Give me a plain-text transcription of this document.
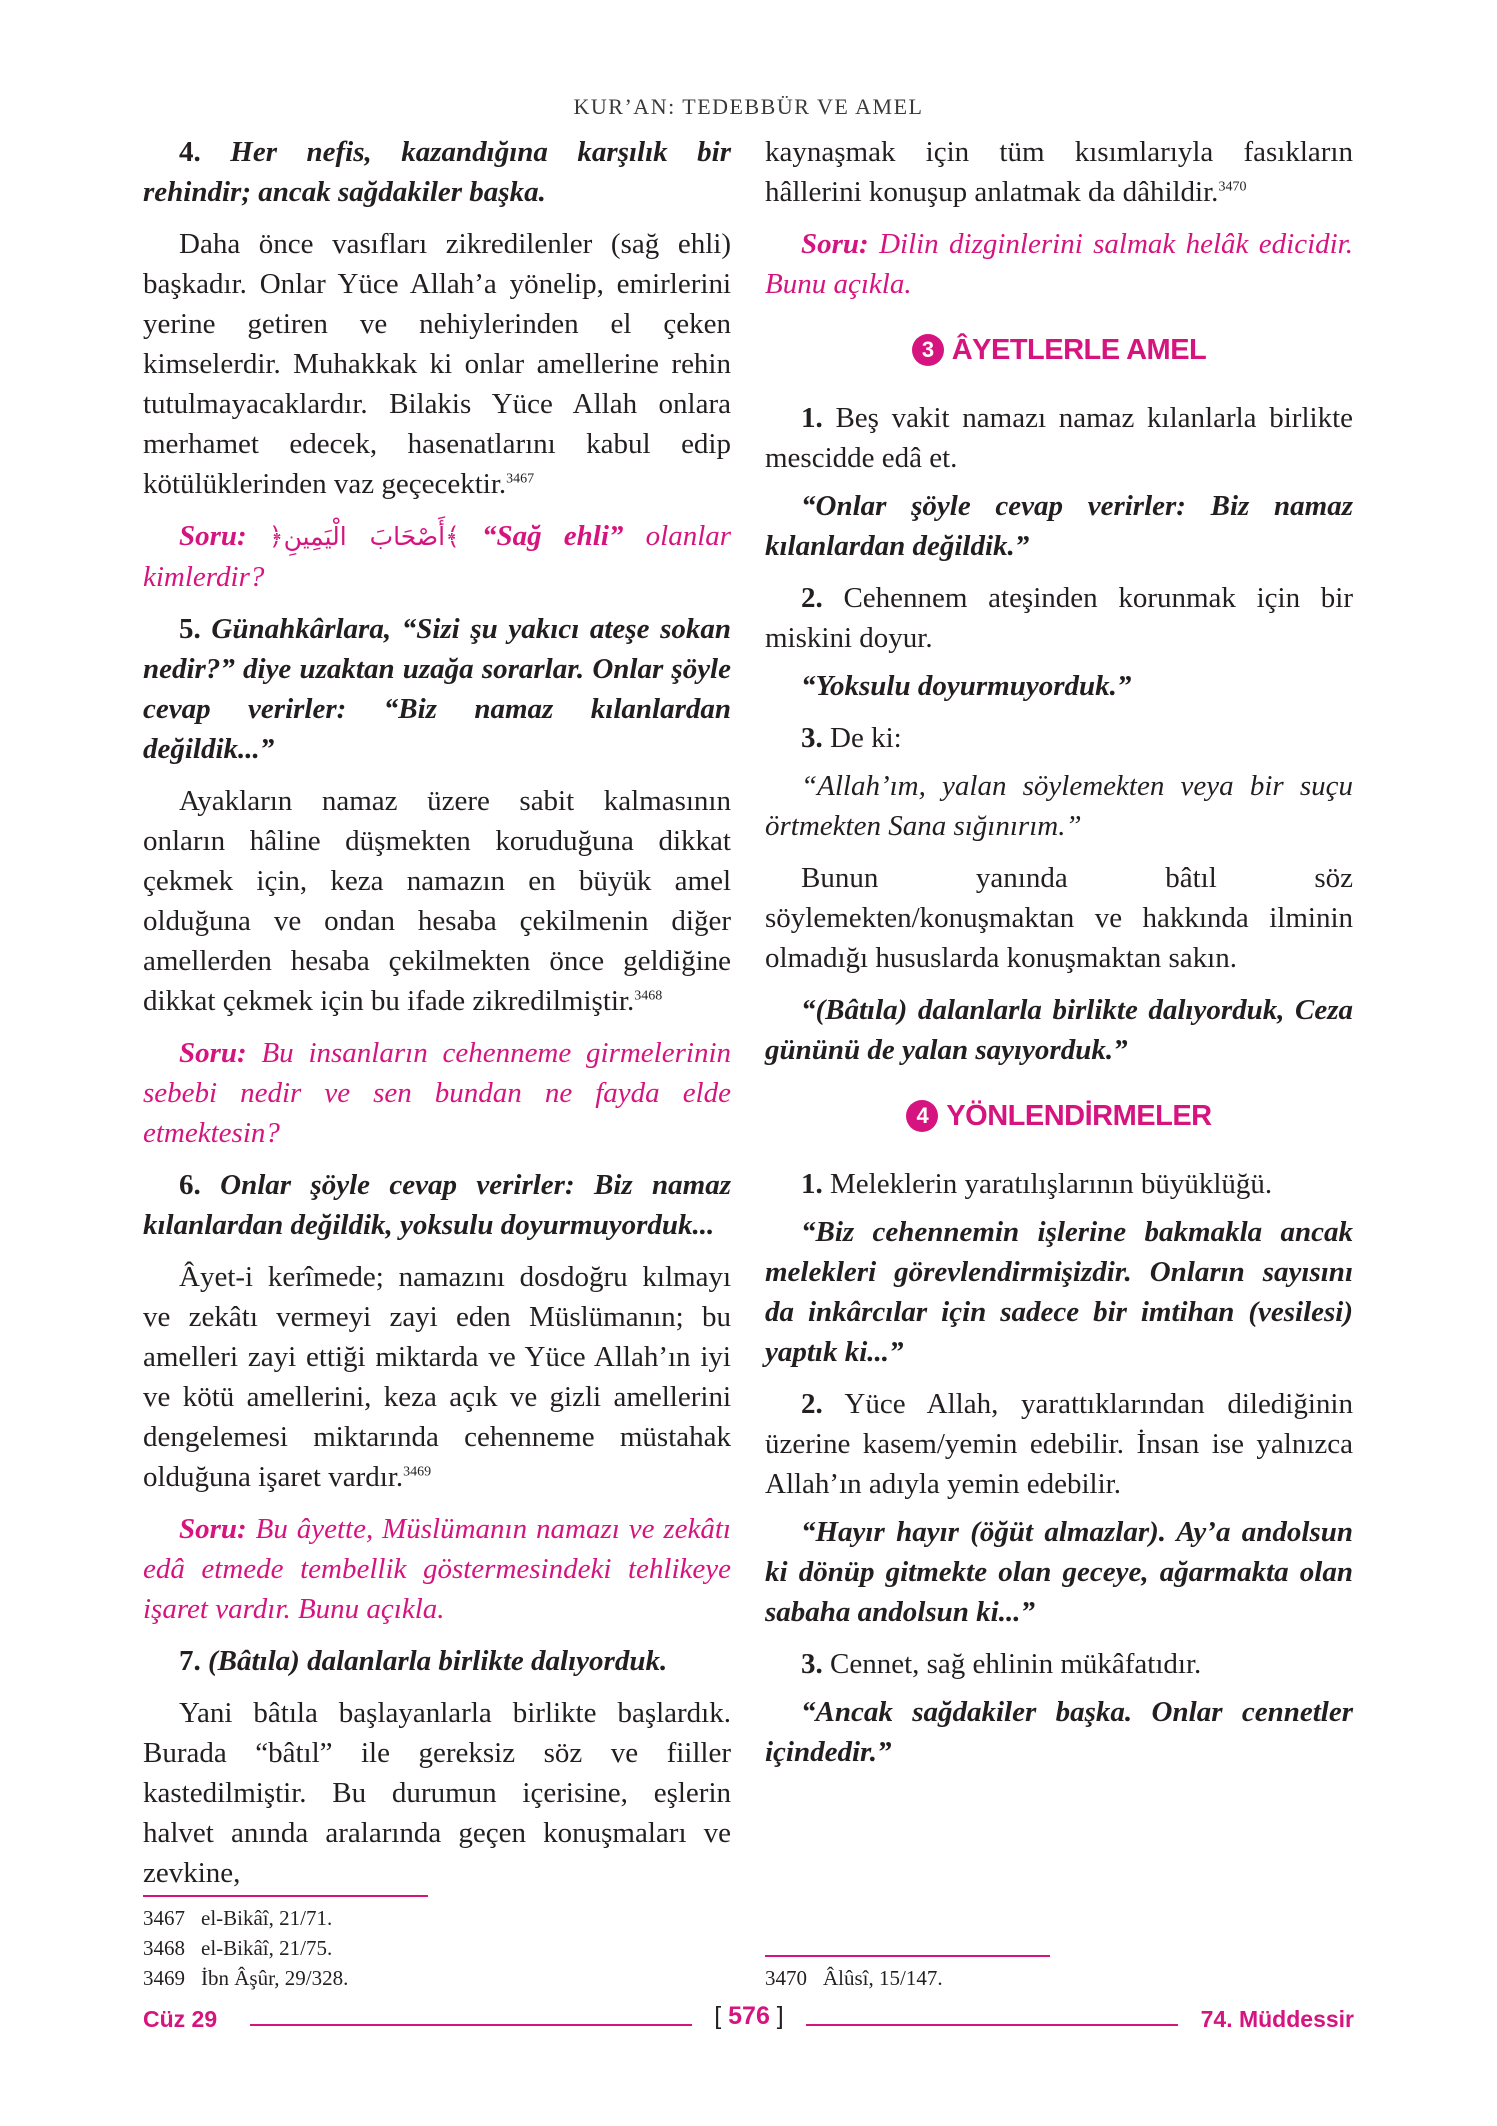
KUR’AN: TEDEBBÜR VE AMEL

4. Her nefis, kazandığına karşılık bir rehindir; ancak sağdakiler başka.

Daha önce vasıfları zikredilenler (sağ ehli) başkadır. Onlar Yüce Allah’a yönelip, emirlerini yerine getiren ve nehiylerinden el çeken kimselerdir. Muhakkak ki onlar amellerine rehin tutulmayacaklardır. Bilakis Yüce Allah onlara merhamet edecek, hasenatlarını kabul edip kötülüklerinden vaz geçecektir.$^{3467}$

Soru: ﴿أَصْحَابَ الْيَمِينِ﴾ “Sağ ehli” olanlar kimlerdir?

5. Günahkârlara, “Sizi şu yakıcı ateşe sokan nedir?” diye uzaktan uzağa sorarlar. Onlar şöyle cevap verirler: “Biz namaz kılanlardan değildik...”

Ayakların namaz üzere sabit kalmasının onların hâline düşmekten koruduğuna dikkat çekmek için, keza namazın en büyük amel olduğuna ve ondan hesaba çekilmenin diğer amellerden hesaba çekilmekten önce geldiğine dikkat çekmek için bu ifade zikredilmiştir.$^{3468}$

Soru: Bu insanların cehenneme girmelerinin sebebi nedir ve sen bundan ne fayda elde etmektesin?

6. Onlar şöyle cevap verirler: Biz namaz kılanlardan değildik, yoksulu doyurmuyorduk...

Âyet-i kerîmede; namazını dosdoğru kılmayı ve zekâtı vermeyi zayi eden Müslümanın; bu amelleri zayi ettiği miktarda ve Yüce Allah’ın iyi ve kötü amellerini, keza açık ve gizli amellerini dengelemesi miktarında cehenneme müstahak olduğuna işaret vardır.$^{3469}$

Soru: Bu âyette, Müslümanın namazı ve zekâtı edâ etmede tembellik göstermesindeki tehlikeye işaret vardır. Bunu açıkla.

7. (Bâtıla) dalanlarla birlikte dalıyorduk.

Yani bâtıla başlayanlarla birlikte başlardık. Burada “bâtıl” ile gereksiz söz ve fiiller kastedilmiştir. Bu durumun içerisine, eşlerin halvet anında aralarında geçen konuşmaları ve zevkine,

kaynaşmak için tüm kısımlarıyla fasıkların hâllerini konuşup anlatmak da dâhildir.$^{3470}$

Soru: Dilin dizginlerini salmak helâk edicidir. Bunu açıkla.

3 ÂYETLERLE AMEL

1. Beş vakit namazı namaz kılanlarla birlikte mescidde edâ et.

“Onlar şöyle cevap verirler: Biz namaz kılanlardan değildik.”

2. Cehennem ateşinden korunmak için bir miskini doyur.

“Yoksulu doyurmuyorduk.”

3. De ki:

“Allah’ım, yalan söylemekten veya bir suçu örtmekten Sana sığınırım.”

Bunun yanında bâtıl söz söylemekten/konuşmaktan ve hakkında ilminin olmadığı hususlarda konuşmaktan sakın.

“(Bâtıla) dalanlarla birlikte dalıyorduk, Ceza gününü de yalan sayıyorduk.”

4 YÖNLENDİRMELER

1. Meleklerin yaratılışlarının büyüklüğü.

“Biz cehennemin işlerine bakmakla ancak melekleri görevlendirmişizdir. Onların sayısını da inkârcılar için sadece bir imtihan (vesilesi) yaptık ki...”

2. Yüce Allah, yarattıklarından dilediğinin üzerine kasem/yemin edebilir. İnsan ise yalnızca Allah’ın adıyla yemin edebilir.

“Hayır hayır (öğüt almazlar). Ay’a andolsun ki dönüp gitmekte olan geceye, ağarmakta olan sabaha andolsun ki...”

3. Cennet, sağ ehlinin mükâfatıdır.

“Ancak sağdakiler başka. Onlar cennetler içindedir.”

3467 el-Bikâî, 21/71.
3468 el-Bikâî, 21/75.
3469 İbn Âşûr, 29/328.	3470 Âlûsî, 15/147.
Cüz 29	[ 576 ]	74. Müddessir
